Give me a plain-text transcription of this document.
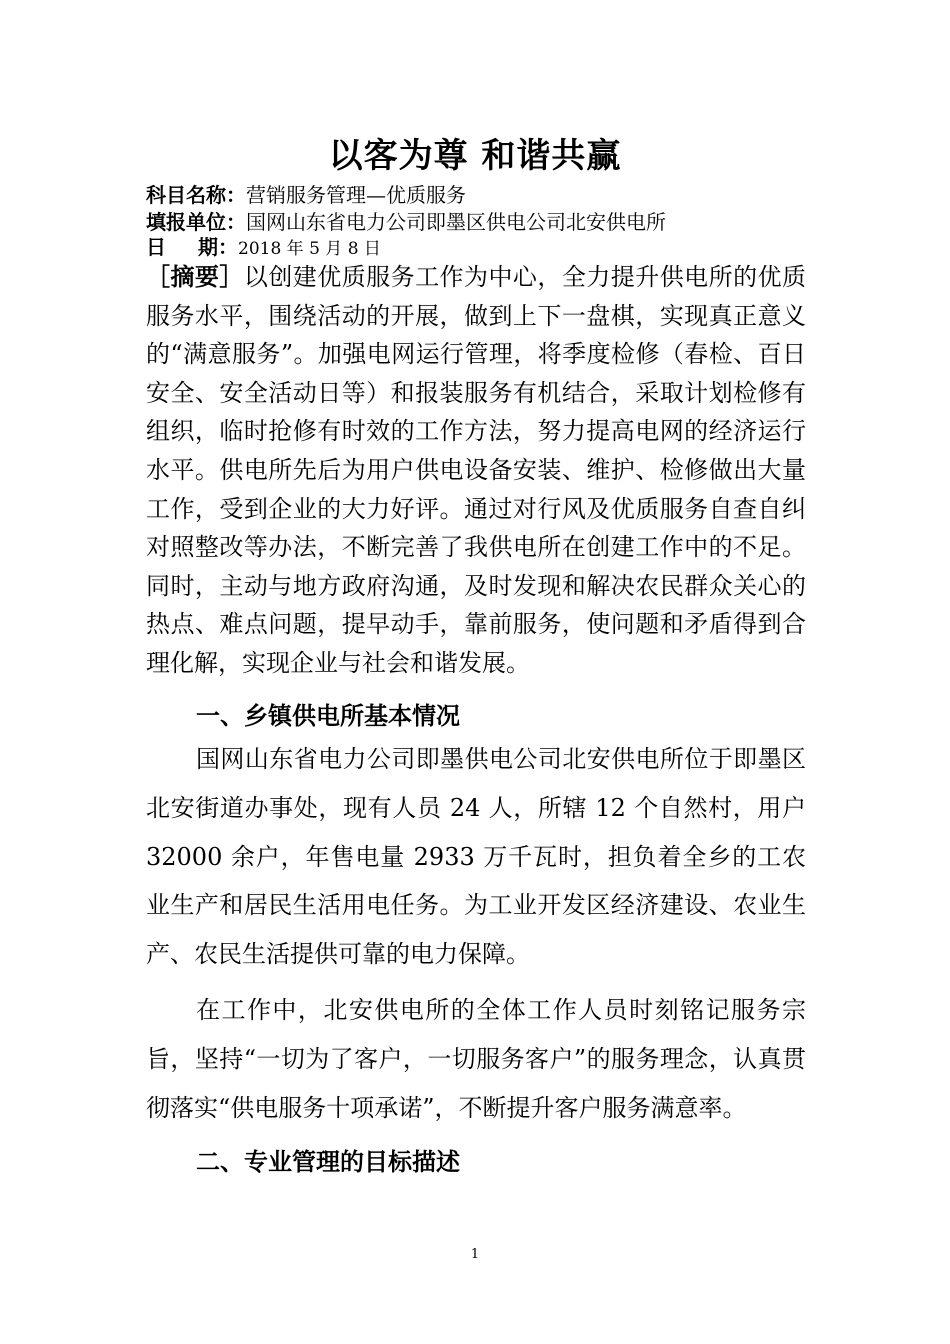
以客为尊 和谐共赢
科目名称：营销服务管理—优质服务
填报单位：国网山东省电力公司即墨区供电公司北安供电所
日 期：2018 年 5 月 8 日
［摘要］以创建优质服务工作为中心，全力提升供电所的优质服务水平，围绕活动的开展，做到上下一盘棋，实现真正意义的“满意服务”。加强电网运行管理，将季度检修（春检、百日安全、安全活动日等）和报装服务有机结合，采取计划检修有组织，临时抢修有时效的工作方法，努力提高电网的经济运行水平。供电所先后为用户供电设备安装、维护、检修做出大量工作，受到企业的大力好评。通过对行风及优质服务自查自纠对照整改等办法，不断完善了我供电所在创建工作中的不足。同时，主动与地方政府沟通，及时发现和解决农民群众关心的热点、难点问题，提早动手，靠前服务，使问题和矛盾得到合理化解，实现企业与社会和谐发展。
一、乡镇供电所基本情况
国网山东省电力公司即墨供电公司北安供电所位于即墨区北安街道办事处，现有人员 24 人，所辖 12 个自然村，用户 32000 余户，年售电量 2933 万千瓦时，担负着全乡的工农业生产和居民生活用电任务。为工业开发区经济建设、农业生产、农民生活提供可靠的电力保障。
在工作中，北安供电所的全体工作人员时刻铭记服务宗旨，坚持“一切为了客户，一切服务客户”的服务理念，认真贯彻落实“供电服务十项承诺”，不断提升客户服务满意率。
二、专业管理的目标描述
1
